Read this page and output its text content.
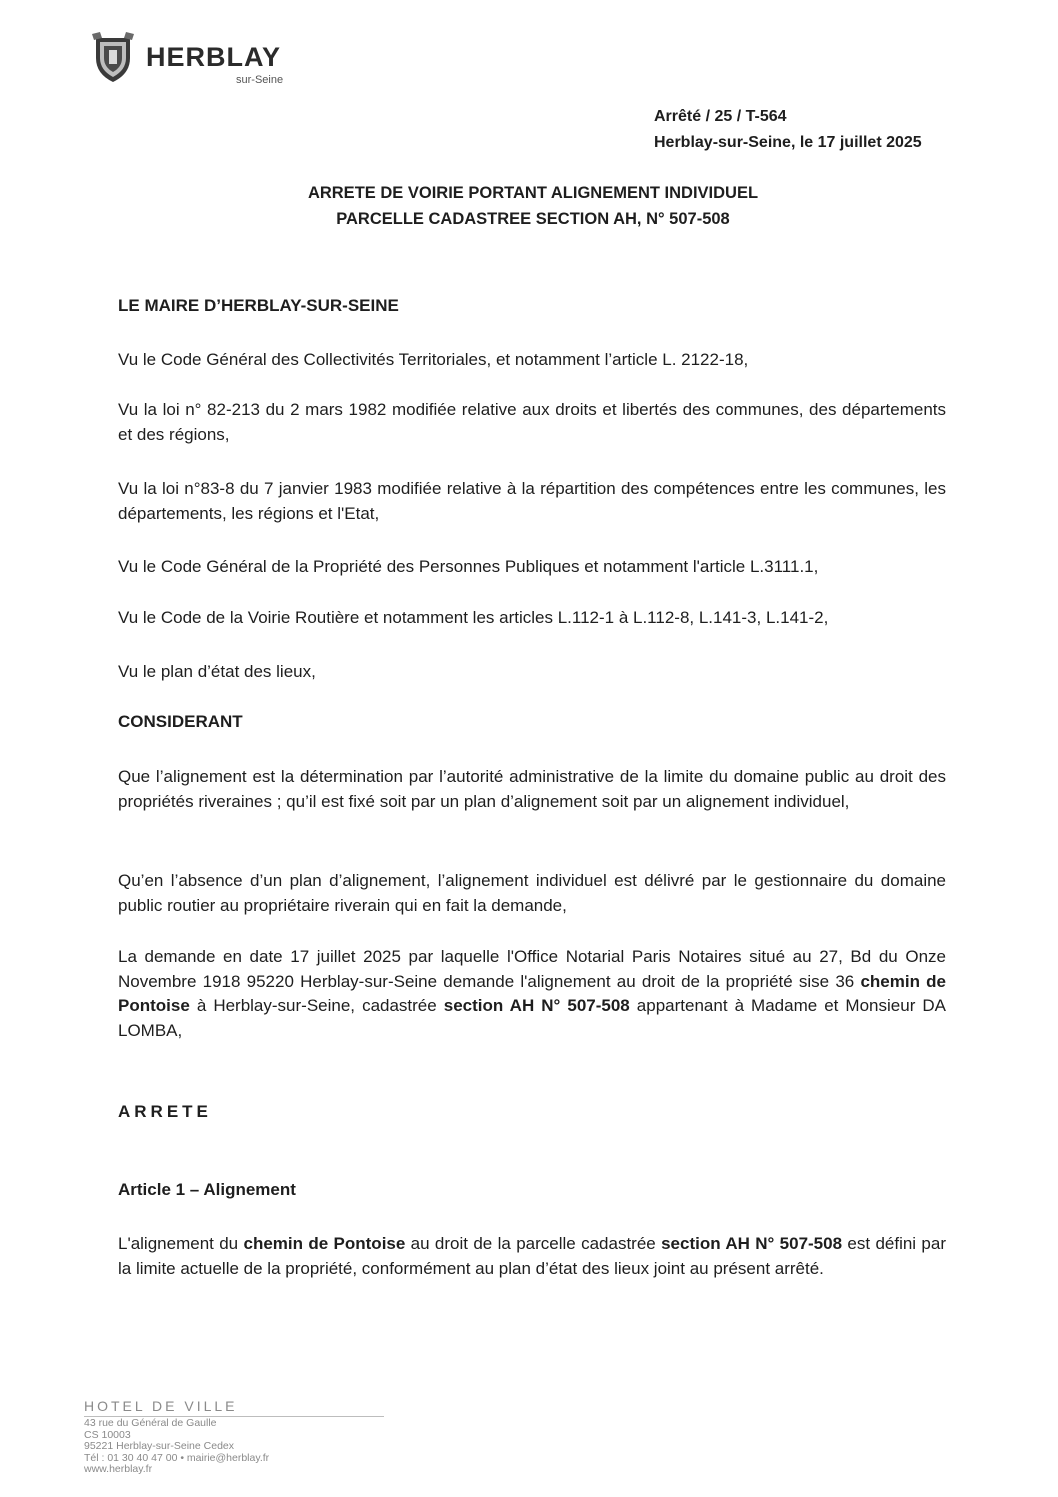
HERBLAY
sur-Seine
Arrêté / 25 / T-564
Herblay-sur-Seine, le 17 juillet 2025
ARRETE DE VOIRIE PORTANT ALIGNEMENT INDIVIDUEL
PARCELLE CADASTREE SECTION AH, N° 507-508
LE MAIRE D’HERBLAY-SUR-SEINE
Vu le Code Général des Collectivités Territoriales, et notamment l’article L. 2122-18,
Vu la loi n° 82-213 du 2 mars 1982 modifiée relative aux droits et libertés des communes, des départements et des régions,
Vu la loi n°83-8 du 7 janvier 1983 modifiée relative à la répartition des compétences entre les communes, les départements, les régions et l'Etat,
Vu le Code Général de la Propriété des Personnes Publiques et notamment l'article L.3111.1,
Vu le Code de la Voirie Routière et notamment les articles L.112-1 à L.112-8, L.141-3, L.141-2,
Vu le plan d’état des lieux,
CONSIDERANT
Que l’alignement est la détermination par l’autorité administrative de la limite du domaine public au droit des propriétés riveraines ; qu’il est fixé soit par un plan d’alignement soit par un alignement individuel,
Qu’en l’absence d’un plan d’alignement, l’alignement individuel est délivré par le gestionnaire du domaine public routier au propriétaire riverain qui en fait la demande,
La demande en date 17 juillet 2025 par laquelle l'Office Notarial Paris Notaires situé au 27, Bd du Onze Novembre 1918 95220 Herblay-sur-Seine demande l'alignement au droit de la propriété sise 36 chemin de Pontoise à Herblay-sur-Seine, cadastrée section AH N° 507-508 appartenant à Madame et Monsieur DA LOMBA,
ARRETE
Article 1 – Alignement
L'alignement du chemin de Pontoise au droit de la parcelle cadastrée section AH N° 507-508 est défini par la limite actuelle de la propriété, conformément au plan d’état des lieux joint au présent arrêté.
HOTEL DE VILLE
43 rue du Général de Gaulle
CS 10003
95221 Herblay-sur-Seine Cedex
Tél : 01 30 40 47 00 • mairie@herblay.fr
www.herblay.fr
